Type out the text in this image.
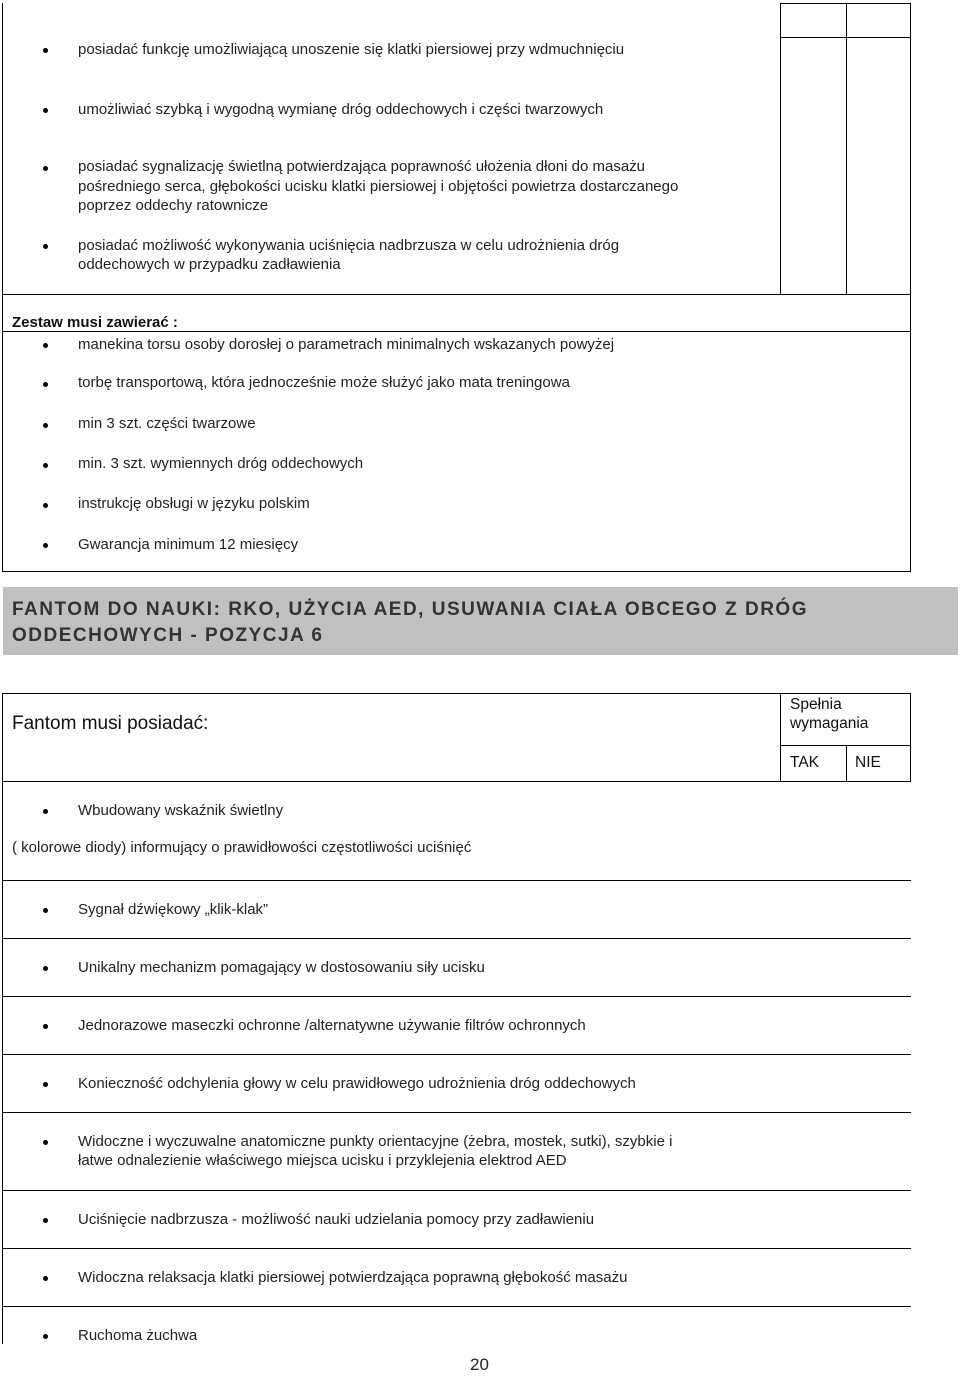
posiadać funkcję umożliwiającą unoszenie się klatki piersiowej przy wdmuchnięciu
umożliwiać szybką i wygodną wymianę dróg oddechowych i części twarzowych
posiadać sygnalizację świetlną potwierdzająca poprawność ułożenia dłoni do masażu
pośredniego serca, głębokości ucisku klatki piersiowej i objętości powietrza dostarczanego
poprzez oddechy ratownicze
posiadać możliwość wykonywania uciśnięcia nadbrzusza w celu udrożnienia dróg
oddechowych w przypadku zadławienia
Zestaw musi zawierać :
manekina torsu osoby dorosłej o parametrach minimalnych wskazanych powyżej
torbę transportową, która jednocześnie może służyć jako mata treningowa
min 3 szt. części twarzowe
min. 3 szt. wymiennych dróg oddechowych
instrukcję obsługi w języku polskim
Gwarancja minimum 12 miesięcy
FANTOM DO NAUKI: RKO, UŻYCIA AED, USUWANIA CIAŁA OBCEGO Z DRÓG ODDECHOWYCH - POZYCJA 6
Fantom musi posiadać:
Spełnia
wymagania
TAK NIE
Wbudowany wskaźnik świetlny
( kolorowe diody) informujący o prawidłowości częstotliwości uciśnięć
Sygnał dźwiękowy „klik-klak”
Unikalny mechanizm pomagający w dostosowaniu siły ucisku
Jednorazowe maseczki ochronne /alternatywne używanie filtrów ochronnych
Konieczność odchylenia głowy w celu prawidłowego udrożnienia dróg oddechowych
Widoczne i wyczuwalne anatomiczne punkty orientacyjne (żebra, mostek, sutki), szybkie i
łatwe odnalezienie właściwego miejsca ucisku i przyklejenia elektrod AED
Uciśnięcie nadbrzusza - możliwość nauki udzielania pomocy przy zadławieniu
Widoczna relaksacja klatki piersiowej potwierdzająca poprawną głębokość masażu
Ruchoma żuchwa
20
